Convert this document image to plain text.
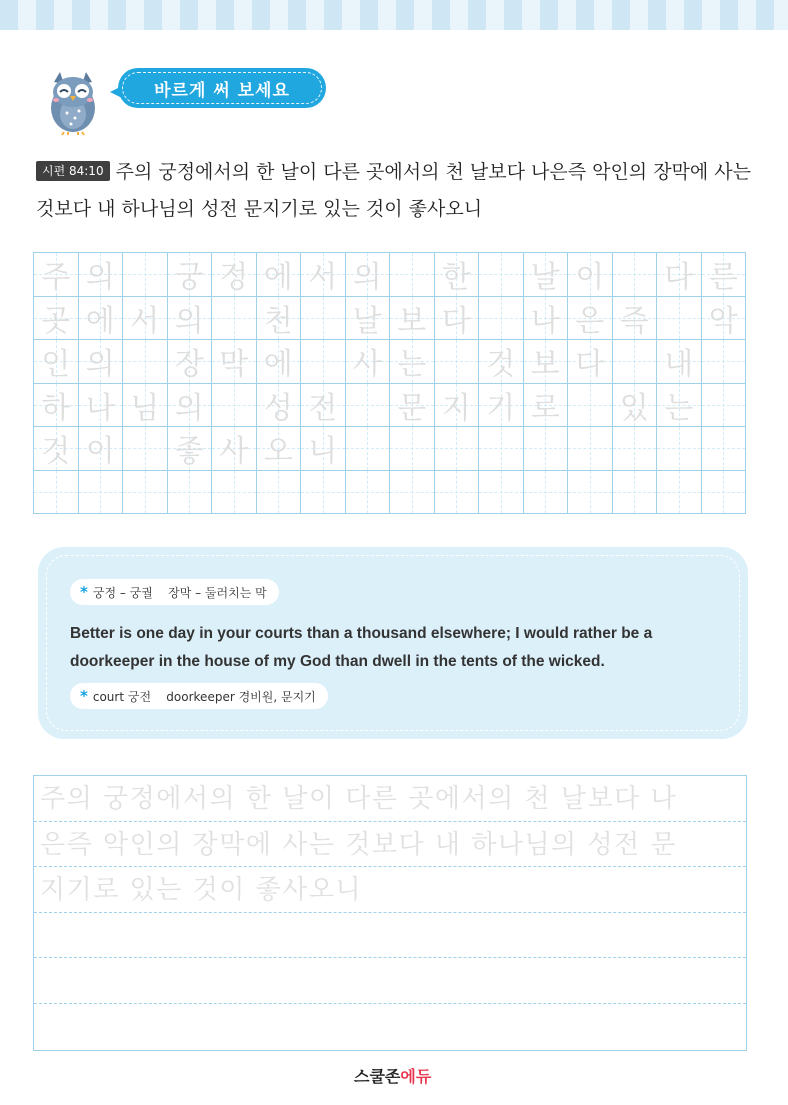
바르게 써 보세요
시편 84:10 주의 궁정에서의 한 날이 다른 곳에서의 천 날보다 나은즉 악인의 장막에 사는 것보다 내 하나님의 성전 문지기로 있는 것이 좋사오니
주 의 궁 정 에 서 의 한 날 이 다 른
곳 에 서 의 천 날 보 다 나 은 즉 악
인 의 장 막 에 사 는 것 보 다 내
하 나 님 의 성 전 문 지 기 로 있 는
것 이 좋 사 오 니
* 궁정 – 궁궐    장막 – 둘러치는 막
Better is one day in your courts than a thousand elsewhere; I would rather be a doorkeeper in the house of my God than dwell in the tents of the wicked.
* court 궁전    doorkeeper 경비원, 문지기
주의 궁정에서의 한 날이 다른 곳에서의 천 날보다 나
은즉 악인의 장막에 사는 것보다 내 하나님의 성전 문
지기로 있는 것이 좋사오니
스쿨존에듀
